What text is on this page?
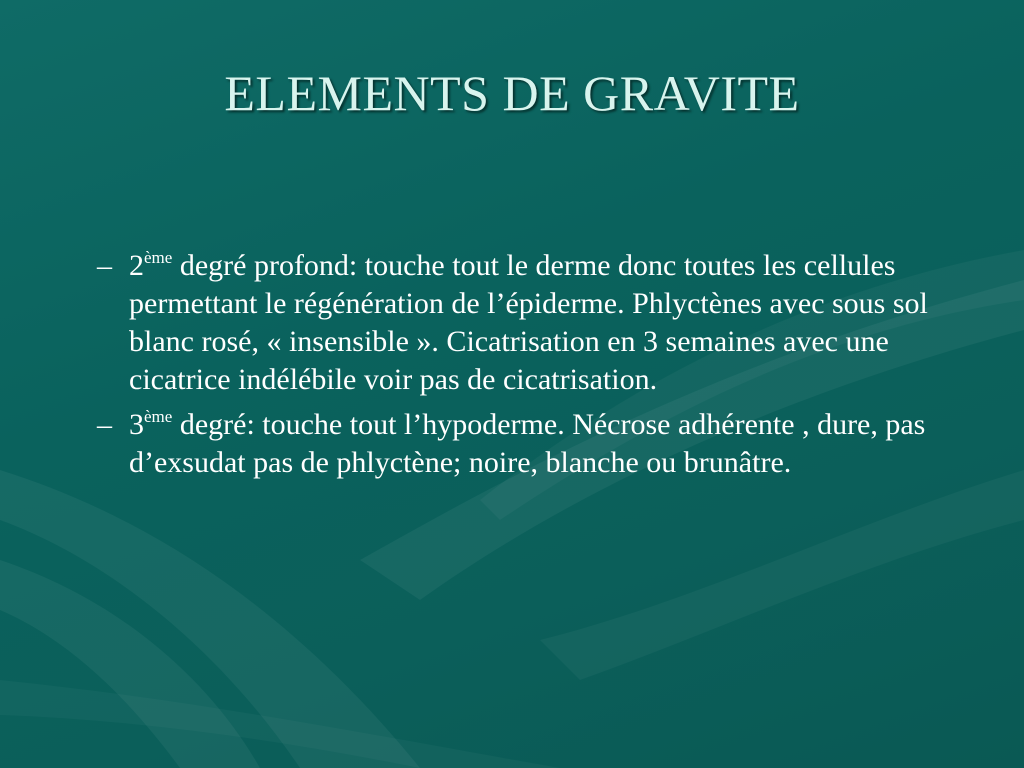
ELEMENTS DE GRAVITE
– 2ème degré profond: touche tout le derme donc toutes les cellules permettant le régénération de l’épiderme. Phlyctènes avec sous sol blanc rosé, « insensible ». Cicatrisation en 3 semaines avec une cicatrice indélébile voir pas de cicatrisation.
– 3ème degré: touche tout l’hypoderme. Nécrose adhérente , dure, pas d’exsudat pas de phlyctène; noire, blanche ou brunâtre.
